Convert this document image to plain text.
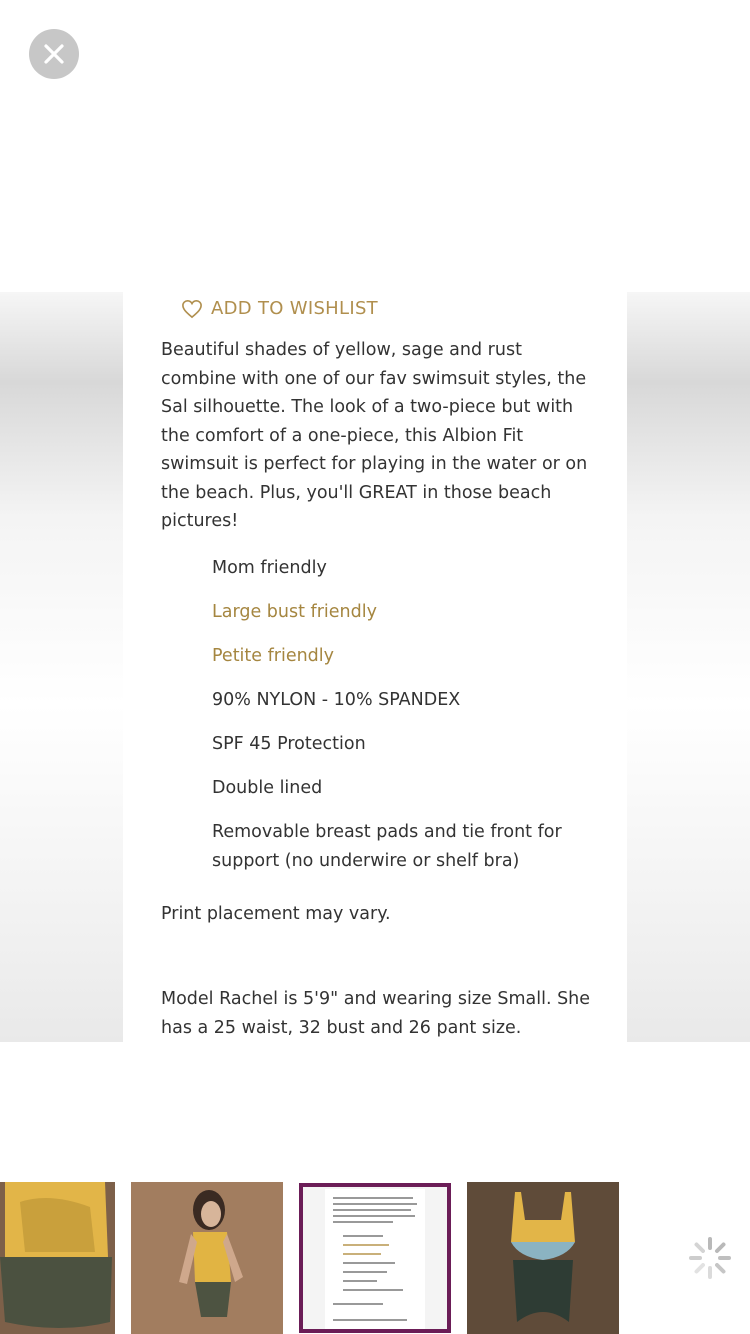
ADD TO WISHLIST
Beautiful shades of yellow, sage and rust combine with one of our fav swimsuit styles, the Sal silhouette. The look of a two-piece but with the comfort of a one-piece, this Albion Fit swimsuit is perfect for playing in the water or on the beach. Plus, you'll GREAT in those beach pictures!
Mom friendly
Large bust friendly
Petite friendly
90% NYLON - 10% SPANDEX
SPF 45 Protection
Double lined
Removable breast pads and tie front for support (no underwire or shelf bra)
Print placement may vary.
Model Rachel is 5'9" and wearing size Small. She has a 25 waist, 32 bust and 26 pant size.
